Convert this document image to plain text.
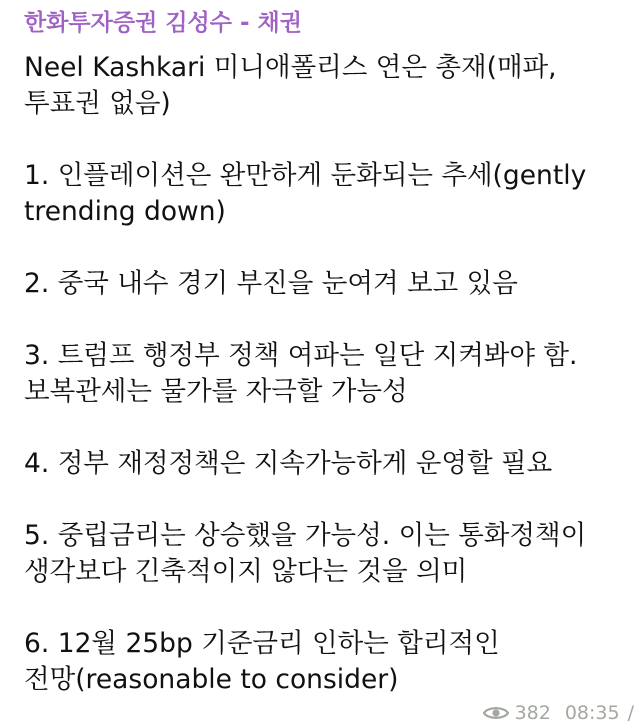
한화투자증권 김성수 - 채권
Neel Kashkari 미니애폴리스 연은 총재(매파,
투표권 없음)
1. 인플레이션은 완만하게 둔화되는 추세(gently
trending down)
2. 중국 내수 경기 부진을 눈여겨 보고 있음
3. 트럼프 행정부 정책 여파는 일단 지켜봐야 함.
보복관세는 물가를 자극할 가능성
4. 정부 재정정책은 지속가능하게 운영할 필요
5. 중립금리는 상승했을 가능성. 이는 통화정책이
생각보다 긴축적이지 않다는 것을 의미
6. 12월 25bp 기준금리 인하는 합리적인
전망(reasonable to consider)
382 08:35 /
